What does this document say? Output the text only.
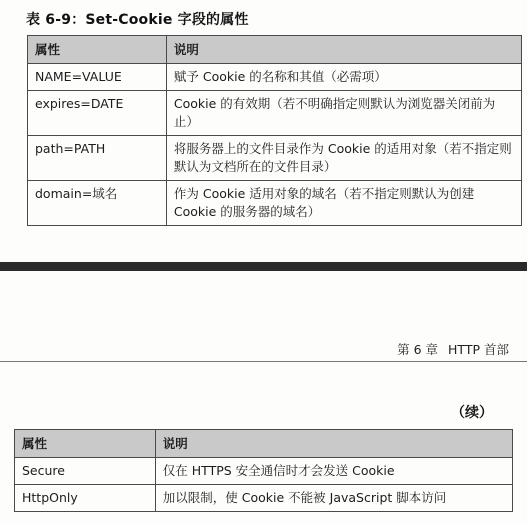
表 6-9：Set-Cookie 字段的属性
属性	说明
NAME=VALUE	赋予 Cookie 的名称和其值（必需项）
expires=DATE	Cookie 的有效期（若不明确指定则默认为浏览器关闭前为止）
path=PATH	将服务器上的文件目录作为 Cookie 的适用对象（若不指定则默认为文档所在的文件目录）
domain=域名	作为 Cookie 适用对象的域名（若不指定则默认为创建 Cookie 的服务器的域名）
第 6 章 HTTP 首部
（续）
属性	说明
Secure	仅在 HTTPS 安全通信时才会发送 Cookie
HttpOnly	加以限制，使 Cookie 不能被 JavaScript 脚本访问
